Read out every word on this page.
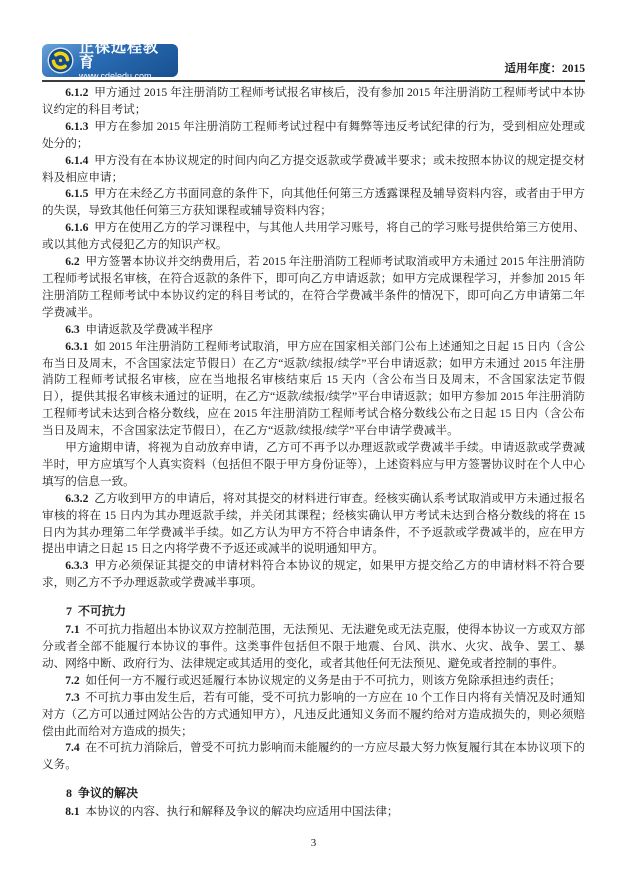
正保远程教育
www.cdeledu.com
适用年度：2015

6.1.2 甲方通过 2015 年注册消防工程师考试报名审核后，没有参加 2015 年注册消防工程师考试中本协议约定的科目考试；

6.1.3 甲方在参加 2015 年注册消防工程师考试过程中有舞弊等违反考试纪律的行为，受到相应处理或处分的；

6.1.4 甲方没有在本协议规定的时间内向乙方提交返款或学费减半要求；或未按照本协议的规定提交材料及相应申请；

6.1.5 甲方在未经乙方书面同意的条件下，向其他任何第三方透露课程及辅导资料内容，或者由于甲方的失误，导致其他任何第三方获知课程或辅导资料内容；

6.1.6 甲方在使用乙方的学习课程中，与其他人共用学习账号，将自己的学习账号提供给第三方使用、或以其他方式侵犯乙方的知识产权。

6.2 甲方签署本协议并交纳费用后，若 2015 年注册消防工程师考试取消或甲方未通过 2015 年注册消防工程师考试报名审核，在符合返款的条件下，即可向乙方申请返款；如甲方完成课程学习，并参加 2015 年注册消防工程师考试中本协议约定的科目考试的，在符合学费减半条件的情况下，即可向乙方申请第二年学费减半。

6.3 申请返款及学费减半程序

6.3.1 如 2015 年注册消防工程师考试取消，甲方应在国家相关部门公布上述通知之日起 15 日内（含公布当日及周末，不含国家法定节假日）在乙方“返款/续报/续学”平台申请返款；如甲方未通过 2015 年注册消防工程师考试报名审核，应在当地报名审核结束后 15 天内（含公布当日及周末，不含国家法定节假日），提供其报名审核未通过的证明，在乙方“返款/续报/续学”平台申请返款；如甲方参加 2015 年注册消防工程师考试未达到合格分数线，应在 2015 年注册消防工程师考试合格分数线公布之日起 15 日内（含公布当日及周末，不含国家法定节假日），在乙方“返款/续报/续学”平台申请学费减半。

甲方逾期申请，将视为自动放弃申请，乙方可不再予以办理返款或学费减半手续。申请返款或学费减半时，甲方应填写个人真实资料（包括但不限于甲方身份证等），上述资料应与甲方签署协议时在个人中心填写的信息一致。

6.3.2 乙方收到甲方的申请后，将对其提交的材料进行审查。经核实确认系考试取消或甲方未通过报名审核的将在 15 日内为其办理返款手续，并关闭其课程；经核实确认甲方考试未达到合格分数线的将在 15 日内为其办理第二年学费减半手续。如乙方认为甲方不符合申请条件，不予返款或学费减半的，应在甲方提出申请之日起 15 日之内将学费不予返还或减半的说明通知甲方。

6.3.3 甲方必须保证其提交的申请材料符合本协议的规定，如果甲方提交给乙方的申请材料不符合要求，则乙方不予办理返款或学费减半事项。

7 不可抗力

7.1 不可抗力指超出本协议双方控制范围，无法预见、无法避免或无法克服，使得本协议一方或双方部分或者全部不能履行本协议的事件。这类事件包括但不限于地震、台风、洪水、火灾、战争、罢工、暴动、网络中断、政府行为、法律规定或其适用的变化，或者其他任何无法预见、避免或者控制的事件。

7.2 如任何一方不履行或迟延履行本协议规定的义务是由于不可抗力，则该方免除承担违约责任；

7.3 不可抗力事由发生后，若有可能，受不可抗力影响的一方应在 10 个工作日内将有关情况及时通知对方（乙方可以通过网站公告的方式通知甲方），凡违反此通知义务而不履约给对方造成损失的，则必须赔偿由此而给对方造成的损失；

7.4 在不可抗力消除后，曾受不可抗力影响而未能履约的一方应尽最大努力恢复履行其在本协议项下的义务。

8 争议的解决

8.1 本协议的内容、执行和解释及争议的解决均应适用中国法律；

3
